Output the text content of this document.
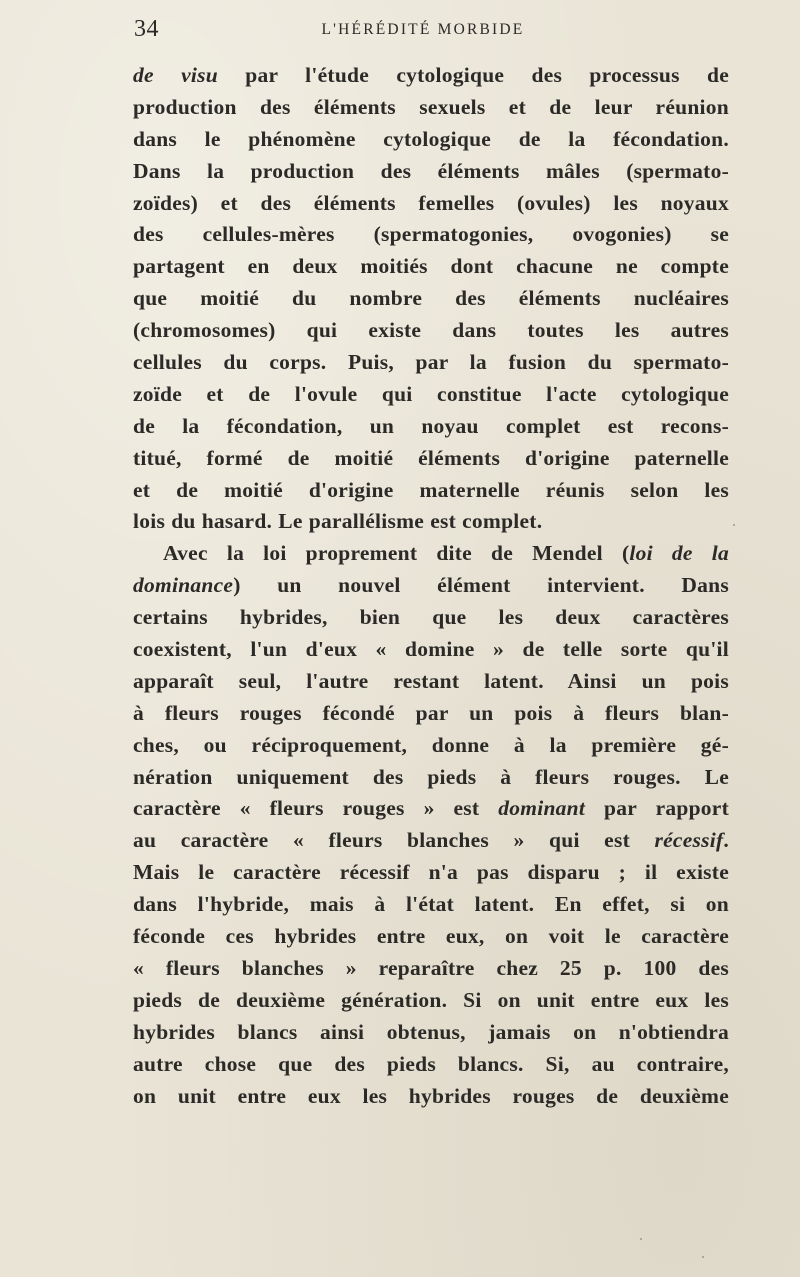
34	L'HÉRÉDITÉ MORBIDE
de visu par l'étude cytologique des processus de
production des éléments sexuels et de leur réunion
dans le phénomène cytologique de la fécondation.
Dans la production des éléments mâles (spermato-
zoïdes) et des éléments femelles (ovules) les noyaux
des cellules-mères (spermatogonies, ovogonies) se
partagent en deux moitiés dont chacune ne compte
que moitié du nombre des éléments nucléaires
(chromosomes) qui existe dans toutes les autres
cellules du corps. Puis, par la fusion du spermato-
zoïde et de l'ovule qui constitue l'acte cytologique
de la fécondation, un noyau complet est recons-
titué, formé de moitié éléments d'origine paternelle
et de moitié d'origine maternelle réunis selon les
lois du hasard. Le parallélisme est complet.
Avec la loi proprement dite de Mendel (loi de la
dominance) un nouvel élément intervient. Dans
certains hybrides, bien que les deux caractères
coexistent, l'un d'eux « domine » de telle sorte qu'il
apparaît seul, l'autre restant latent. Ainsi un pois
à fleurs rouges fécondé par un pois à fleurs blan-
ches, ou réciproquement, donne à la première gé-
nération uniquement des pieds à fleurs rouges. Le
caractère « fleurs rouges » est dominant par rapport
au caractère « fleurs blanches » qui est récessif.
Mais le caractère récessif n'a pas disparu ; il existe
dans l'hybride, mais à l'état latent. En effet, si on
féconde ces hybrides entre eux, on voit le caractère
« fleurs blanches » reparaître chez 25 p. 100 des
pieds de deuxième génération. Si on unit entre eux les
hybrides blancs ainsi obtenus, jamais on n'obtiendra
autre chose que des pieds blancs. Si, au contraire,
on unit entre eux les hybrides rouges de deuxième
